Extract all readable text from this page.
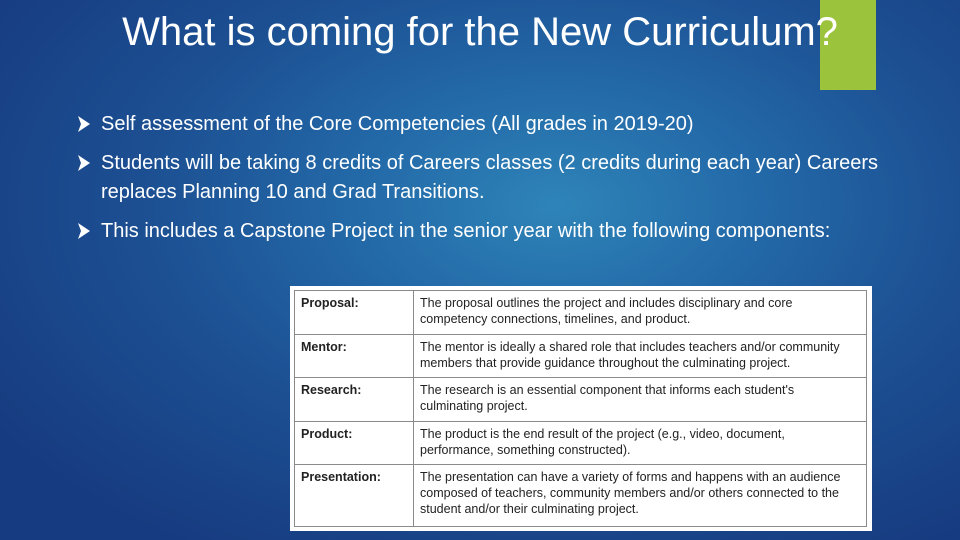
What is coming for the New Curriculum?
Self assessment of the Core Competencies (All grades in 2019-20)
Students will be taking 8 credits of Careers classes (2 credits during each year) Careers replaces Planning 10 and Grad Transitions.
This includes a Capstone Project in the senior year with the following components:
Proposal:	The proposal outlines the project and includes disciplinary and core competency connections, timelines, and product.
Mentor:	The mentor is ideally a shared role that includes teachers and/or community members that provide guidance throughout the culminating project.
Research:	The research is an essential component that informs each student's culminating project.
Product:	The product is the end result of the project (e.g., video, document, performance, something constructed).
Presentation:	The presentation can have a variety of forms and happens with an audience composed of teachers, community members and/or others connected to the student and/or their culminating project.
